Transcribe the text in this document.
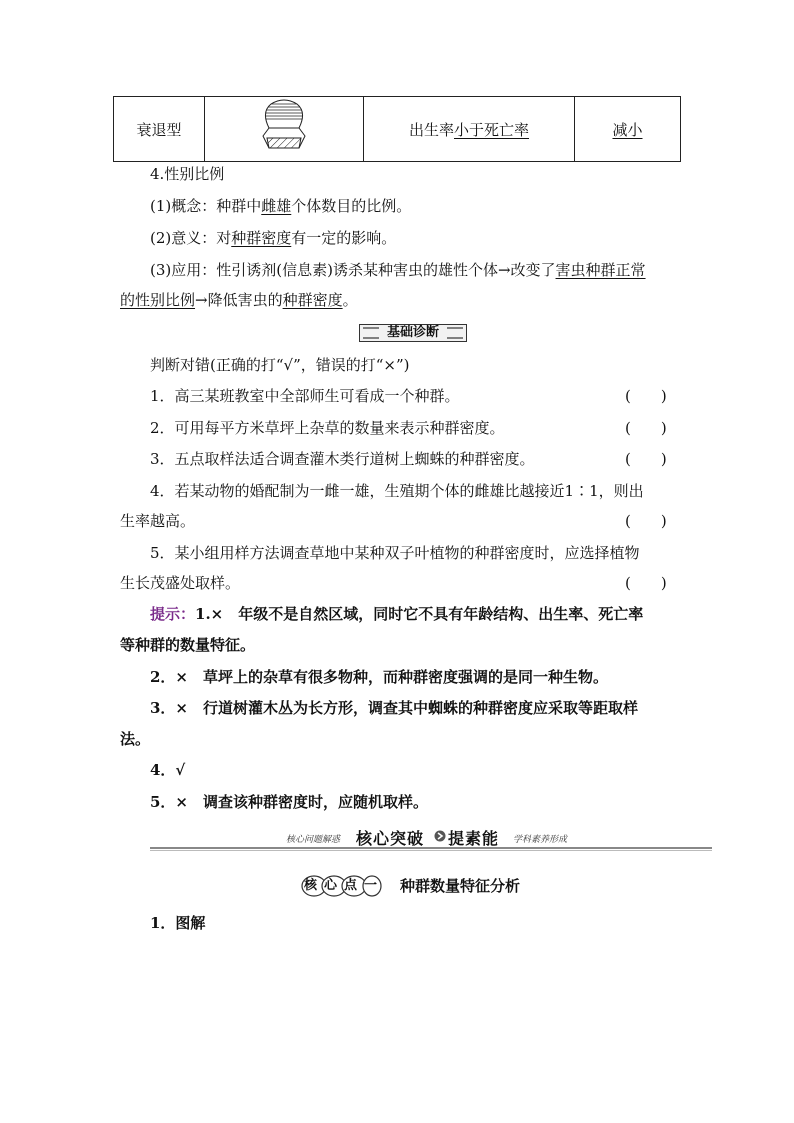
衰退型		出生率小于死亡率	减小
4.性别比例
(1)概念：种群中雌雄个体数目的比例。
(2)意义：对种群密度有一定的影响。
(3)应用：性引诱剂(信息素)诱杀某种害虫的雄性个体→改变了害虫种群正常
的性别比例→降低害虫的种群密度。
基础诊断
判断对错(正确的打“√”，错误的打“×”)
1．高三某班教室中全部师生可看成一个种群。	(　　)
2．可用每平方米草坪上杂草的数量来表示种群密度。	(　　)
3．五点取样法适合调查灌木类行道树上蜘蛛的种群密度。	(　　)
4．若某动物的婚配制为一雌一雄，生殖期个体的雌雄比越接近1∶1，则出
生率越高。	(　　)
5．某小组用样方法调查草地中某种双子叶植物的种群密度时，应选择植物
生长茂盛处取样。	(　　)
提示：1.×　年级不是自然区域，同时它不具有年龄结构、出生率、死亡率
等种群的数量特征。
2．×　草坪上的杂草有很多物种，而种群密度强调的是同一种生物。
3．×　行道树灌木丛为长方形，调查其中蜘蛛的种群密度应采取等距取样
法。
4．√
5．×　调查该种群密度时，应随机取样。
核心问题解惑 核心突破 提素能 学科素养形成
核心点一 种群数量特征分析
1．图解
